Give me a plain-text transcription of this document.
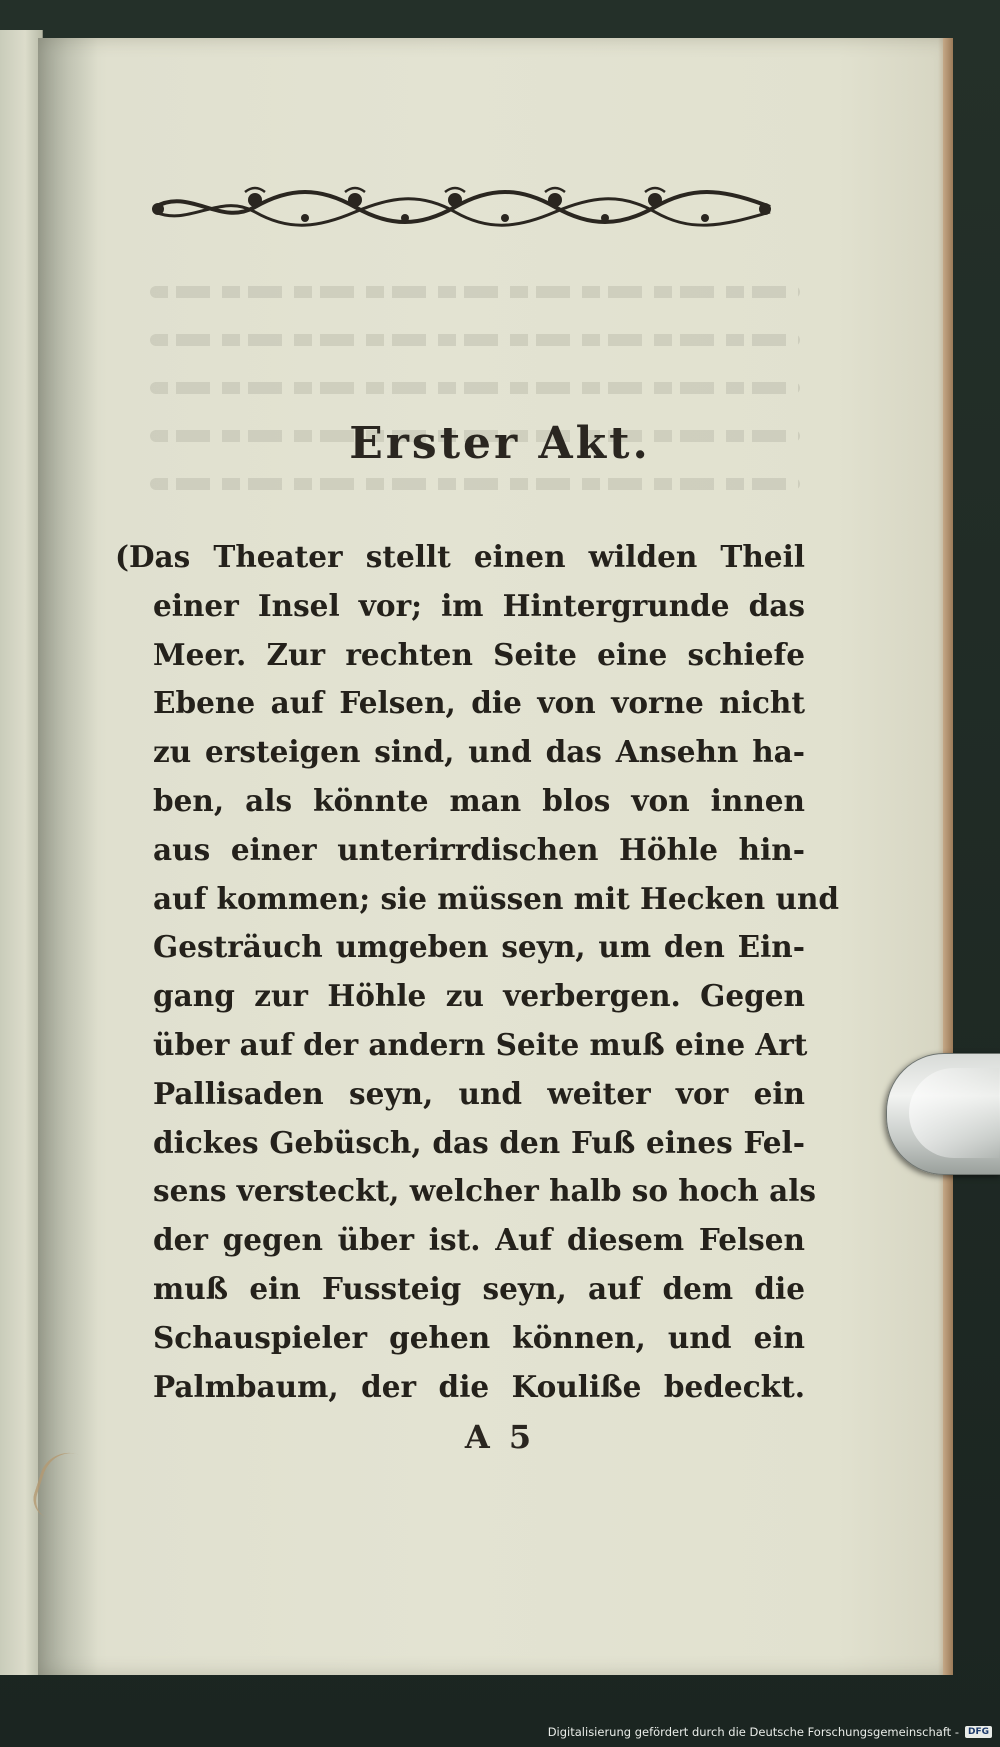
Erster Akt.
(Das Theater stellt einen wilden Theil
einer Insel vor; im Hintergrunde das
Meer. Zur rechten Seite eine schiefe
Ebene auf Felsen, die von vorne nicht
zu ersteigen sind, und das Ansehn ha-
ben, als könnte man blos von innen
aus einer unterirrdischen Höhle hin-
auf kommen; sie müssen mit Hecken und
Gesträuch umgeben seyn, um den Ein-
gang zur Höhle zu verbergen. Gegen
über auf der andern Seite muß eine Art
Pallisaden seyn, und weiter vor ein
dickes Gebüsch, das den Fuß eines Fel-
sens versteckt, welcher halb so hoch als
der gegen über ist. Auf diesem Felsen
muß ein Fussteig seyn, auf dem die
Schauspieler gehen können, und ein
Palmbaum, der die Kouliße bedeckt.
A 5
Digitalisierung gefördert durch die Deutsche Forschungsgemeinschaft -	DFG
